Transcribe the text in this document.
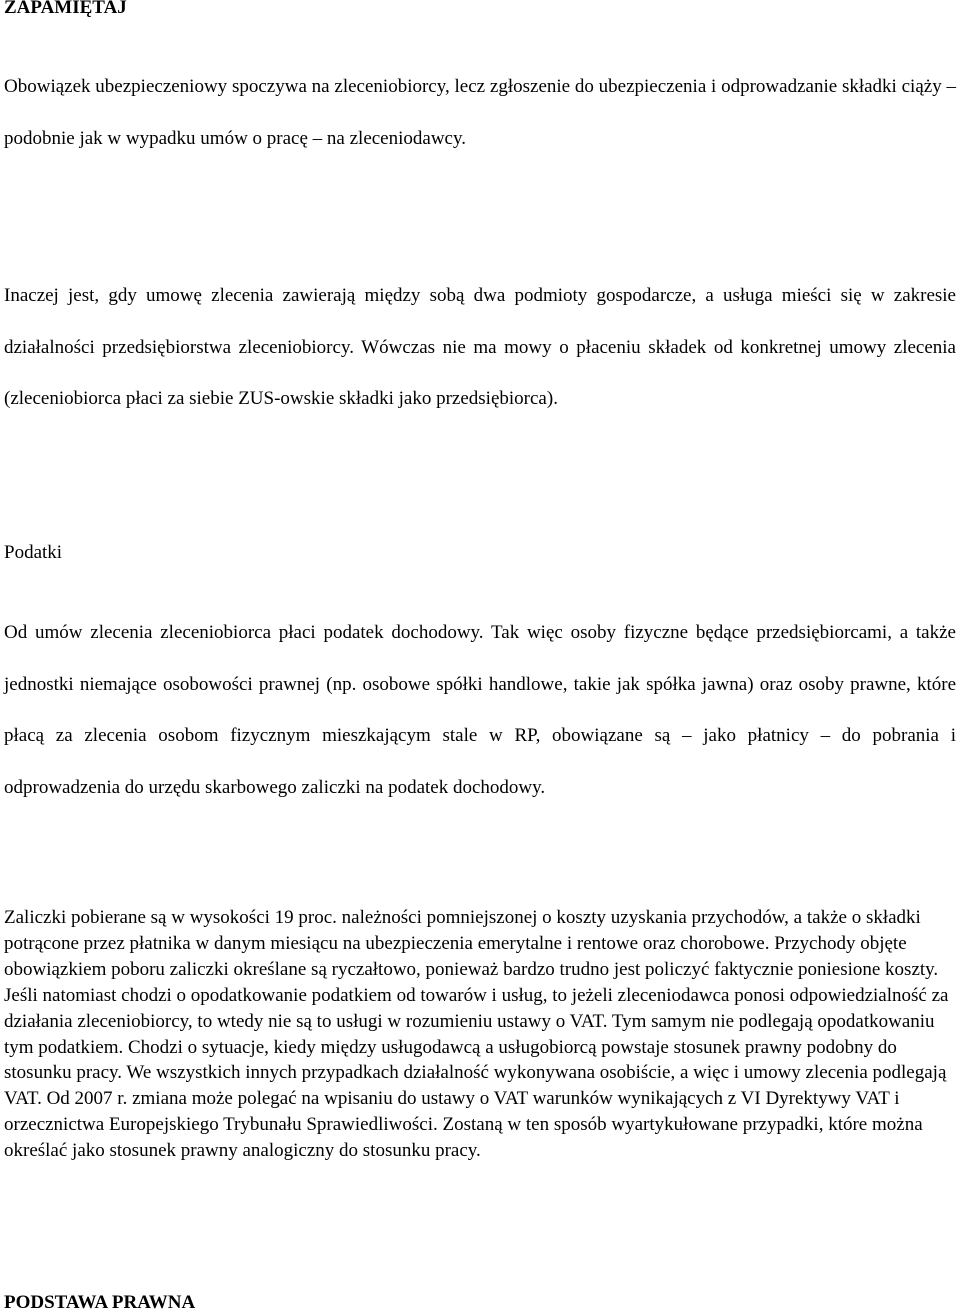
ZAPAMIĘTAJ

Obowiązek ubezpieczeniowy spoczywa na zleceniobiorcy, lecz zgłoszenie do ubezpieczenia i odprowadzanie składki ciąży – podobnie jak w wypadku umów o pracę – na zleceniodawcy.

Inaczej jest, gdy umowę zlecenia zawierają między sobą dwa podmioty gospodarcze, a usługa mieści się w zakresie działalności przedsiębiorstwa zleceniobiorcy. Wówczas nie ma mowy o płaceniu składek od konkretnej umowy zlecenia (zleceniobiorca płaci za siebie ZUS-owskie składki jako przedsiębiorca).

Podatki

Od umów zlecenia zleceniobiorca płaci podatek dochodowy. Tak więc osoby fizyczne będące przedsiębiorcami, a także jednostki niemające osobowości prawnej (np. osobowe spółki handlowe, takie jak spółka jawna) oraz osoby prawne, które płacą za zlecenia osobom fizycznym mieszkającym stale w RP, obowiązane są – jako płatnicy – do pobrania i odprowadzenia do urzędu skarbowego zaliczki na podatek dochodowy.

Zaliczki pobierane są w wysokości 19 proc. należności pomniejszonej o koszty uzyskania przychodów, a także o składki potrącone przez płatnika w danym miesiącu na ubezpieczenia emerytalne i rentowe oraz chorobowe. Przychody objęte obowiązkiem poboru zaliczki określane są ryczałtowo, ponieważ bardzo trudno jest policzyć faktycznie poniesione koszty. Jeśli natomiast chodzi o opodatkowanie podatkiem od towarów i usług, to jeżeli zleceniodawca ponosi odpowiedzialność za działania zleceniobiorcy, to wtedy nie są to usługi w rozumieniu ustawy o VAT. Tym samym nie podlegają opodatkowaniu tym podatkiem. Chodzi o sytuacje, kiedy między usługodawcą a usługobiorcą powstaje stosunek prawny podobny do stosunku pracy. We wszystkich innych przypadkach działalność wykonywana osobiście, a więc i umowy zlecenia podlegają VAT. Od 2007 r. zmiana może polegać na wpisaniu do ustawy o VAT warunków wynikających z VI Dyrektywy VAT i orzecznictwa Europejskiego Trybunału Sprawiedliwości. Zostaną w ten sposób wyartykułowane przypadki, które można określać jako stosunek prawny analogiczny do stosunku pracy.

PODSTAWA PRAWNA
